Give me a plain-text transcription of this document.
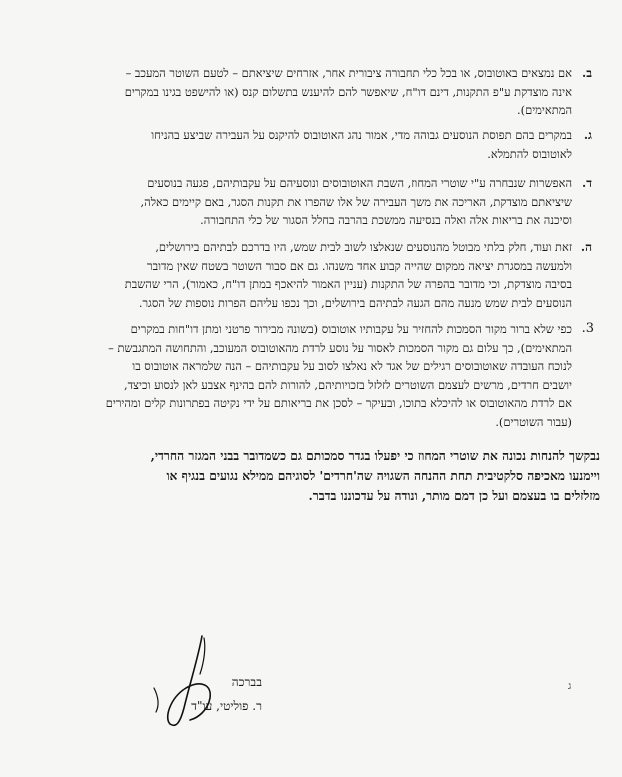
ב.
אם נמצאים באוטובוס, או בכל כלי תחבורה ציבורית אחר, אזרחים שיציאתם – לטעם השוטר המעכב –
אינה מוצדקת ע"פ התקנות, דינם דו"ח, שיאפשר להם להיענש בתשלום קנס (או להישפט בגינו במקרים
המתאימים).
ג.
במקרים בהם תפוסת הנוסעים גבוהה מדי, אמור נהג האוטובוס להיקנס על העבירה שביצע בהניחו
לאוטובוס להתמלא.
ד.
האפשרות שנבחרה ע"י שוטרי המחוז, השבת האוטובוסים ונוסעיהם על עקבותיהם, פגעה בנוסעים
שיציאתם מוצדקת, האריכה את משך העבירה של אלו שהפרו את תקנות הסגר, באם קיימים כאלה,
וסיכנה את בריאות אלה ואלה בנסיעה ממשכת בהרבה בחלל הסגור של כלי התחבורה.
ה.
זאת ועוד, חלק בלתי מבוטל מהנוסעים שנאלצו לשוב לבית שמש, היו בדרכם לבתיהם בירושלים,
ולמעשה במסגרת יציאה ממקום שהייה קבוע אחד משנהו. גם אם סבור השוטר בשטח שאין מדובר
בסיבה מוצדקת, וכי מדובר בהפרה של התקנות (עניין האמור להיאכף במתן דו"ח, כאמור), הרי שהשבת
הנוסעים לבית שמש מנעה מהם הגעה לבתיהם בירושלים, וכך נכפו עליהם הפרות נוספות של הסגר.
3.
כפי שלא ברור מקור הסמכות להחזיר על עקבותיו אוטובוס (בשונה מבירור פרטני ומתן דו"חות במקרים
המתאימים), כך עלום גם מקור הסמכות לאסור על נוסע לרדת מהאוטובוס המעוכב, והתחושה המתגבשת –
לנוכח העובדה שאוטובוסים רגילים של אגד לא נאלצו לסוב על עקבותיהם – הנה שלמראה אוטובוס בו
יושבים חרדים, מרשים לעצמם השוטרים לזלזל בזכויותיהם, להורות להם בהינף אצבע לאן לנסוע וכיצד,
אם לרדת מהאוטובוס או להיכלא בתוכו, ובעיקר – לסכן את בריאותם על ידי נקיטה בפתרונות קלים ומהירים
(עבור השוטרים).
נבקשך להנחות נכונה את שוטרי המחוז כי יפעלו בגדר סמכותם גם כשמדובר בבני המגזר החרדי,
ויימנעו מאכיפה סלקטיבית תחת ההנחה השגויה שה'חרדים' לסוגיהם ממילא נגועים בנגיף או
מזלזלים בו בעצמם ועל כן דמם מותר, ונודה על עדכוננו בדבר.
בברכה
ר. פוליטי, עו"ד
ג
